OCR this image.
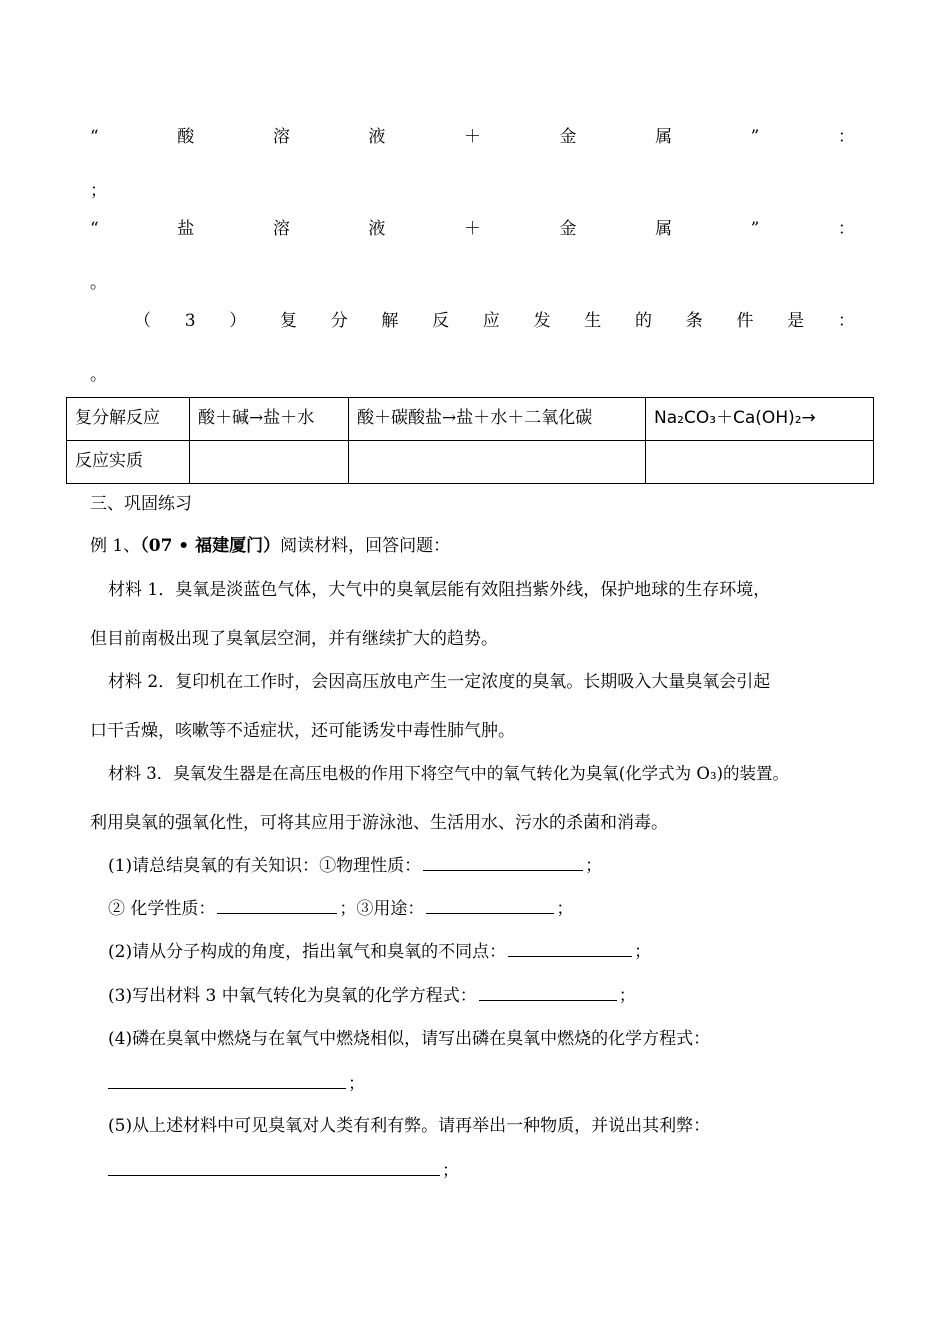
“	酸	溶	液	＋	金	属	”	：
；
“	盐	溶	液	＋	金	属	”	：
。
（ 3 ） 复 分 解 反 应 发 生 的 条 件 是 ：
。
复分解反应	酸＋碱→盐＋水	酸＋碳酸盐→盐＋水＋二氧化碳	Na₂CO₃＋Ca(OH)₂→
反应实质			
三、巩固练习
例 1、（07 • 福建厦门）阅读材料，回答问题：
材料 1．臭氧是淡蓝色气体，大气中的臭氧层能有效阻挡紫外线，保护地球的生存环境，
但目前南极出现了臭氧层空洞，并有继续扩大的趋势。
材料 2．复印机在工作时，会因高压放电产生一定浓度的臭氧。长期吸入大量臭氧会引起
口干舌燥，咳嗽等不适症状，还可能诱发中毒性肺气肿。
材料 3．臭氧发生器是在高压电极的作用下将空气中的氧气转化为臭氧(化学式为 O₃)的装置。
利用臭氧的强氧化性，可将其应用于游泳池、生活用水、污水的杀菌和消毒。
(1)请总结臭氧的有关知识：①物理性质：	；
② 化学性质：	；③用途：	；
(2)请从分子构成的角度，指出氧气和臭氧的不同点：	；
(3)写出材料 3 中氧气转化为臭氧的化学方程式：	；
(4)磷在臭氧中燃烧与在氧气中燃烧相似，请写出磷在臭氧中燃烧的化学方程式：
；
(5)从上述材料中可见臭氧对人类有利有弊。请再举出一种物质，并说出其利弊：
；
